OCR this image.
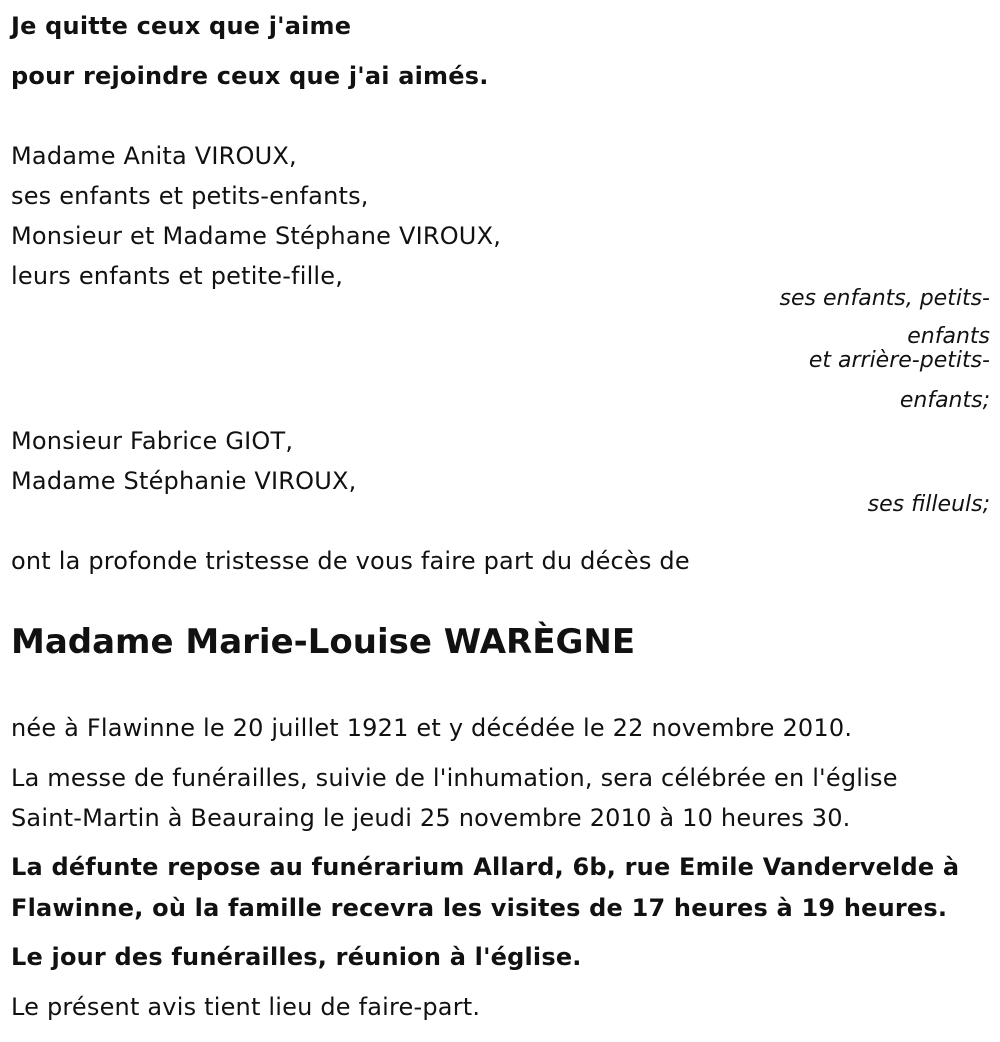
Je quitte ceux que j'aime
pour rejoindre ceux que j'ai aimés.
Madame Anita VIROUX,
ses enfants et petits-enfants,
Monsieur et Madame Stéphane VIROUX,
leurs enfants et petite-fille,
ses enfants, petits-
enfants
et arrière-petits-
enfants;
Monsieur Fabrice GIOT,
Madame Stéphanie VIROUX,
ses filleuls;
ont la profonde tristesse de vous faire part du décès de
Madame Marie-Louise WARÈGNE
née à Flawinne le 20 juillet 1921 et y décédée le 22 novembre 2010.
La messe de funérailles, suivie de l'inhumation, sera célébrée en l'église
Saint-Martin à Beauraing le jeudi 25 novembre 2010 à 10 heures 30.
La défunte repose au funérarium Allard, 6b, rue Emile Vandervelde à
Flawinne, où la famille recevra les visites de 17 heures à 19 heures.
Le jour des funérailles, réunion à l'église.
Le présent avis tient lieu de faire-part.
